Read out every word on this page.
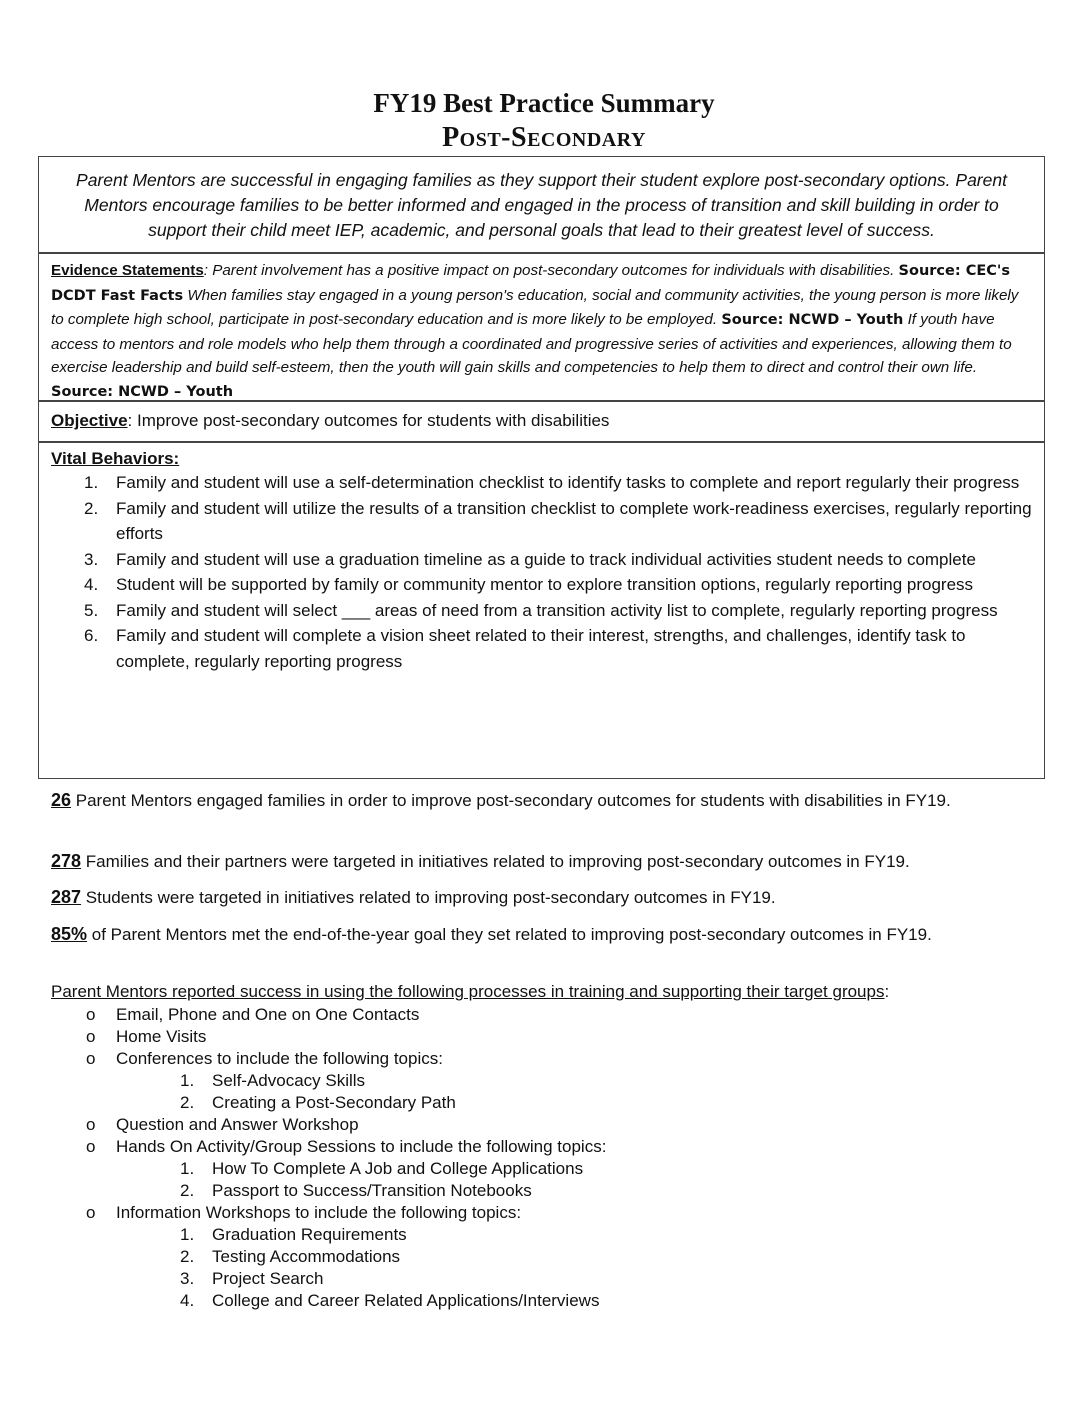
FY19 Best Practice Summary
Post-Secondary
Parent Mentors are successful in engaging families as they support their student explore post-secondary options. Parent Mentors encourage families to be better informed and engaged in the process of transition and skill building in order to support their child meet IEP, academic, and personal goals that lead to their greatest level of success.
Evidence Statements: Parent involvement has a positive impact on post-secondary outcomes for individuals with disabilities. Source: CEC's DCDT Fast Facts When families stay engaged in a young person's education, social and community activities, the young person is more likely to complete high school, participate in post-secondary education and is more likely to be employed. Source: NCWD – Youth If youth have access to mentors and role models who help them through a coordinated and progressive series of activities and experiences, allowing them to exercise leadership and build self-esteem, then the youth will gain skills and competencies to help them to direct and control their own life. Source: NCWD – Youth
Objective: Improve post-secondary outcomes for students with disabilities
Vital Behaviors:
1. Family and student will use a self-determination checklist to identify tasks to complete and report regularly their progress
2. Family and student will utilize the results of a transition checklist to complete work-readiness exercises, regularly reporting efforts
3. Family and student will use a graduation timeline as a guide to track individual activities student needs to complete
4. Student will be supported by family or community mentor to explore transition options, regularly reporting progress
5. Family and student will select ___ areas of need from a transition activity list to complete, regularly reporting progress
6. Family and student will complete a vision sheet related to their interest, strengths, and challenges, identify task to complete, regularly reporting progress
26 Parent Mentors engaged families in order to improve post-secondary outcomes for students with disabilities in FY19.
278 Families and their partners were targeted in initiatives related to improving post-secondary outcomes in FY19.
287 Students were targeted in initiatives related to improving post-secondary outcomes in FY19.
85% of Parent Mentors met the end-of-the-year goal they set related to improving post-secondary outcomes in FY19.
Parent Mentors reported success in using the following processes in training and supporting their target groups:
o Email, Phone and One on One Contacts
o Home Visits
o Conferences to include the following topics:
1. Self-Advocacy Skills
2. Creating a Post-Secondary Path
o Question and Answer Workshop
o Hands On Activity/Group Sessions to include the following topics:
1. How To Complete A Job and College Applications
2. Passport to Success/Transition Notebooks
o Information Workshops to include the following topics:
1. Graduation Requirements
2. Testing Accommodations
3. Project Search
4. College and Career Related Applications/Interviews
